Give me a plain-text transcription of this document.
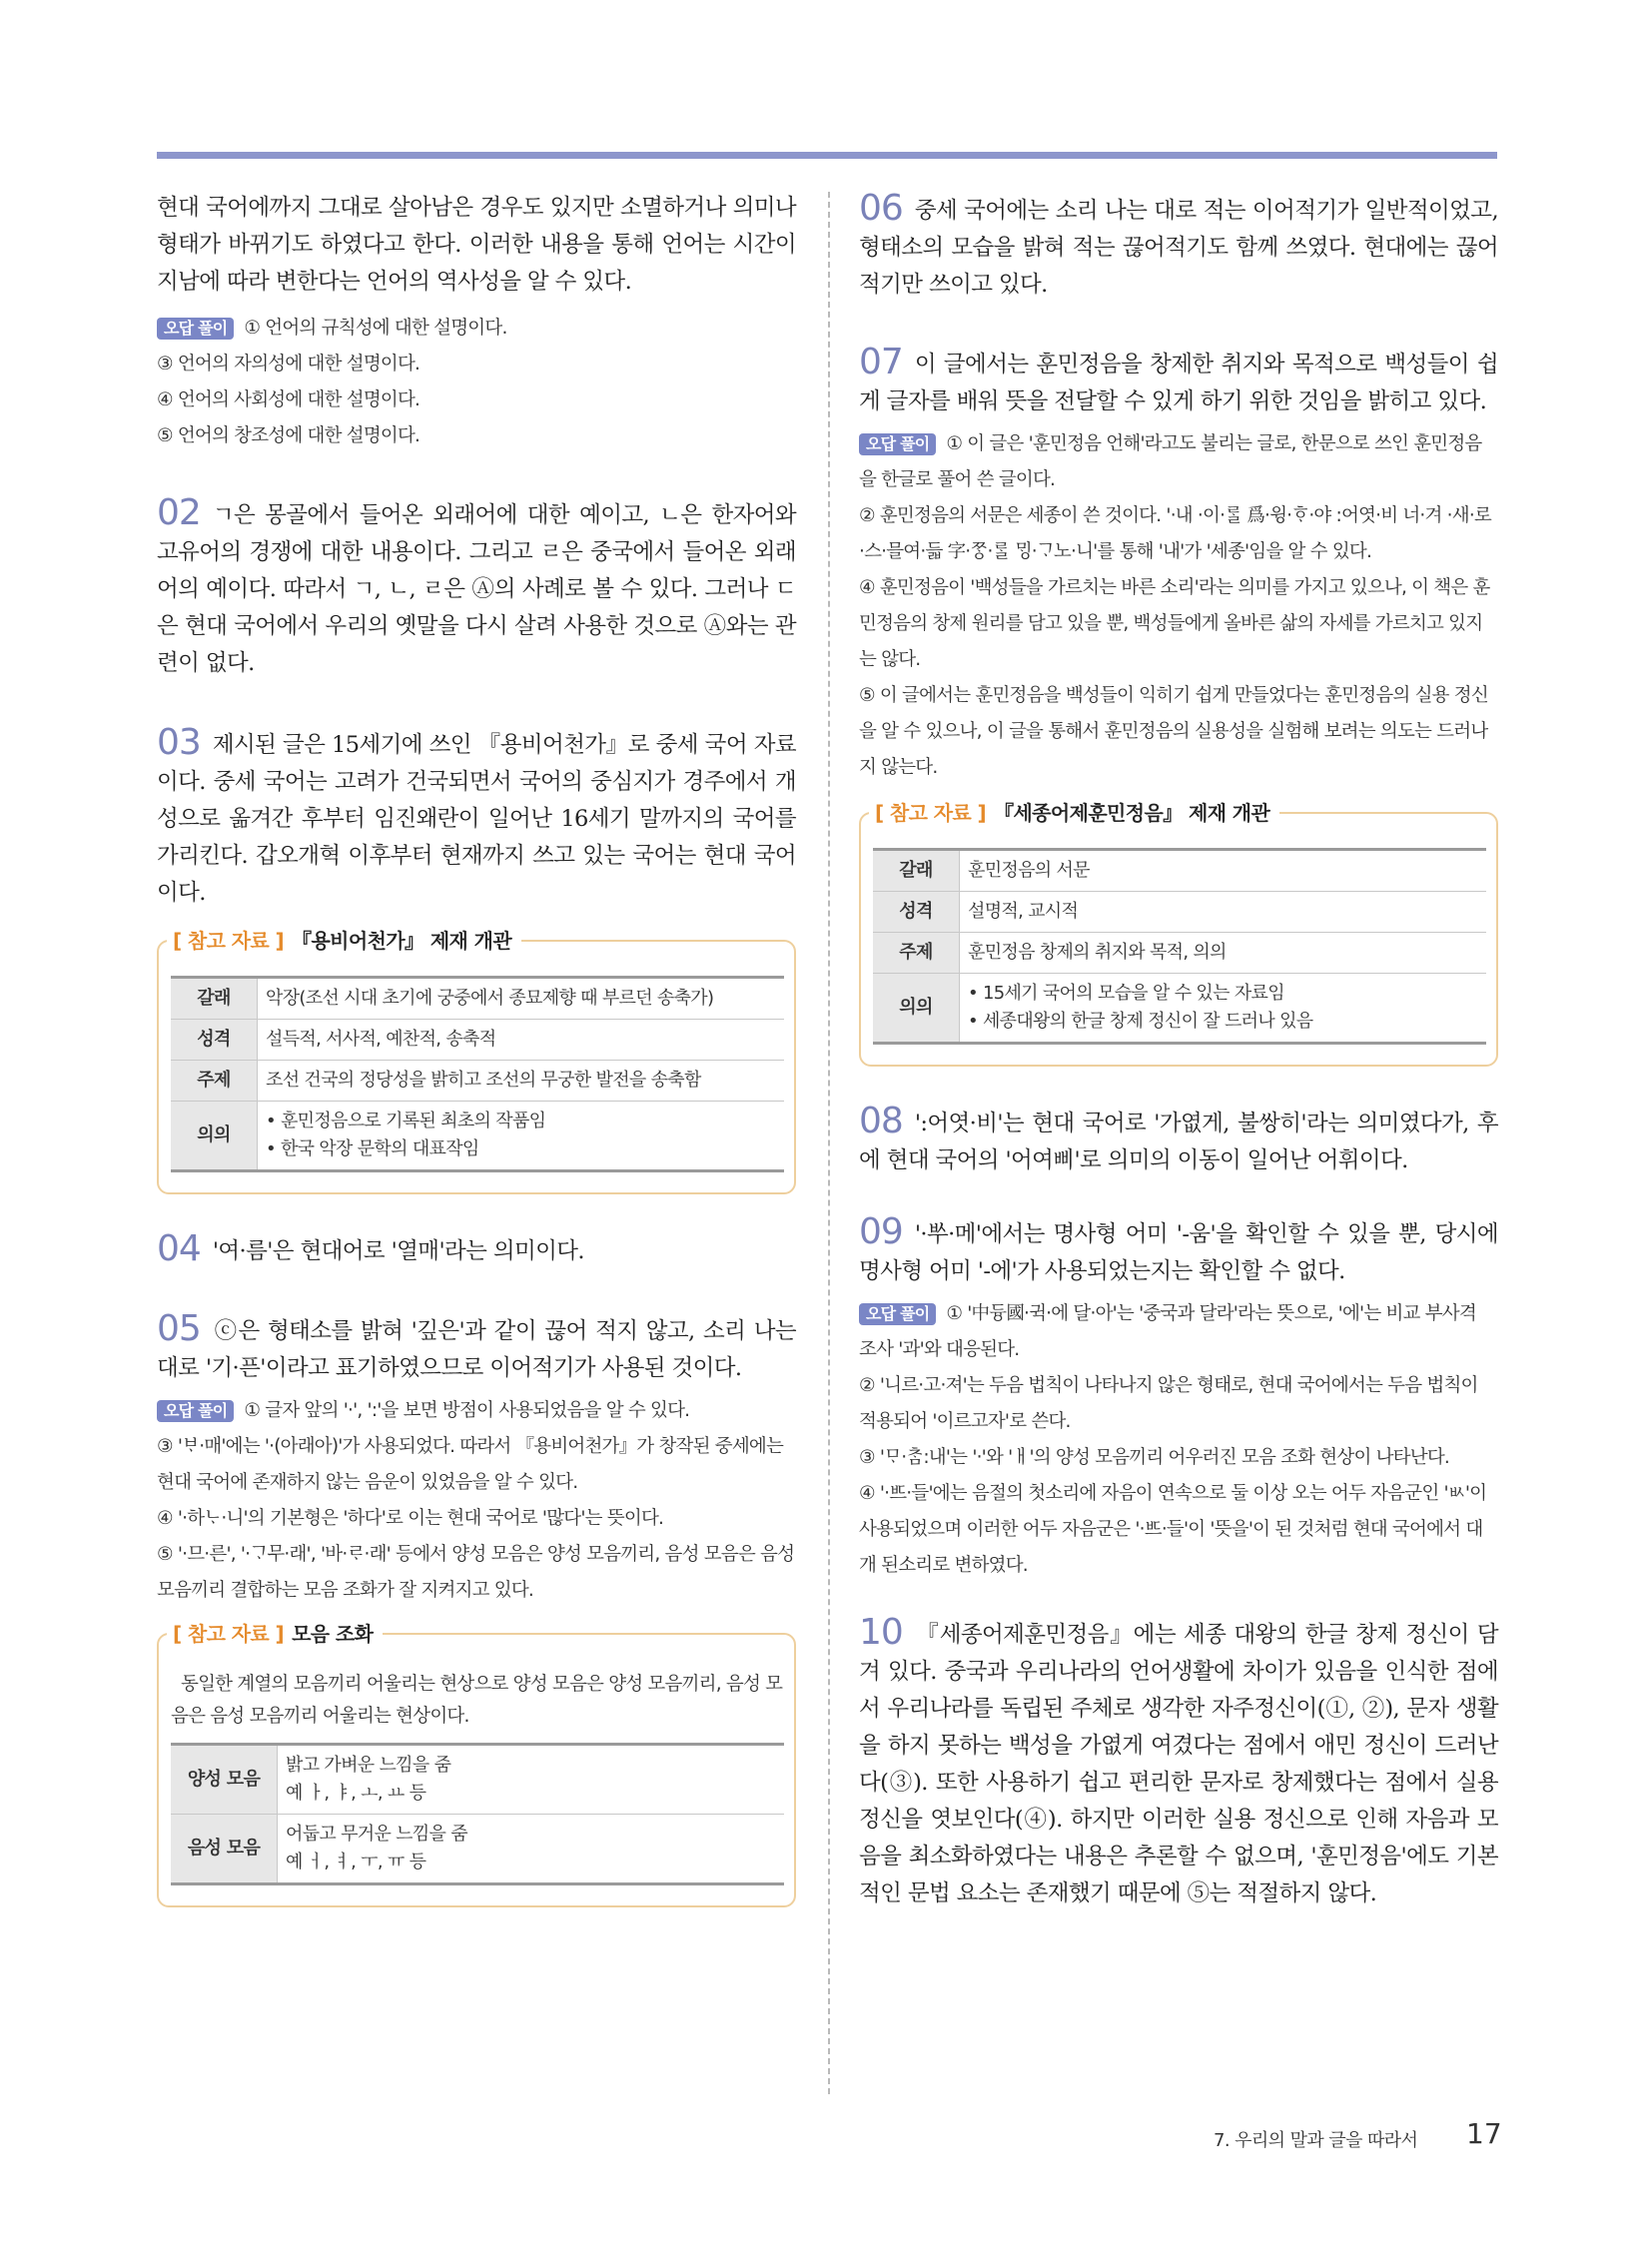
현대 국어에까지 그대로 살아남은 경우도 있지만 소멸하거나 의미나 형태가 바뀌기도 하였다고 한다. 이러한 내용을 통해 언어는 시간이 지남에 따라 변한다는 언어의 역사성을 알 수 있다.

오답 풀이 ① 언어의 규칙성에 대한 설명이다.

③ 언어의 자의성에 대한 설명이다.

④ 언어의 사회성에 대한 설명이다.

⑤ 언어의 창조성에 대한 설명이다.

02 ㄱ은 몽골에서 들어온 외래어에 대한 예이고, ㄴ은 한자어와 고유어의 경쟁에 대한 내용이다. 그리고 ㄹ은 중국에서 들어온 외래어의 예이다. 따라서 ㄱ, ㄴ, ㄹ은 Ⓐ의 사례로 볼 수 있다. 그러나 ㄷ은 현대 국어에서 우리의 옛말을 다시 살려 사용한 것으로 Ⓐ와는 관련이 없다.

03 제시된 글은 15세기에 쓰인 『용비어천가』로 중세 국어 자료이다. 중세 국어는 고려가 건국되면서 국어의 중심지가 경주에서 개성으로 옮겨간 후부터 임진왜란이 일어난 16세기 말까지의 국어를 가리킨다. 갑오개혁 이후부터 현재까지 쓰고 있는 국어는 현대 국어이다.

[ 참고 자료 ] 『용비어천가』 제재 개관
갈래	악장(조선 시대 초기에 궁중에서 종묘제향 때 부르던 송축가)
성격	설득적, 서사적, 예찬적, 송축적
주제	조선 건국의 정당성을 밝히고 조선의 무궁한 발전을 송축함
의의	• 훈민정음으로 기록된 최초의 작품임
• 한국 악장 문학의 대표작임

04 '여·름'은 현대어로 '열매'라는 의미이다.

05 ⓒ은 형태소를 밝혀 '깊은'과 같이 끊어 적지 않고, 소리 나는 대로 '기·픈'이라고 표기하였으므로 이어적기가 사용된 것이다.

오답 풀이 ① 글자 앞의 '·', ':'을 보면 방점이 사용되었음을 알 수 있다.

③ 'ᄇᆞ·매'에는 '·(아래아)'가 사용되었다. 따라서 『용비어천가』가 창작된 중세에는 현대 국어에 존재하지 않는 음운이 있었음을 알 수 있다.

④ '·하ᄂᆞ·니'의 기본형은 '하다'로 이는 현대 국어로 '많다'는 뜻이다.

⑤ '·므·른', '·ᄀᆞ무·래', '바·ᄅᆞ·래' 등에서 양성 모음은 양성 모음끼리, 음성 모음은 음성 모음끼리 결합하는 모음 조화가 잘 지켜지고 있다.

[ 참고 자료 ] 모음 조화

동일한 계열의 모음끼리 어울리는 현상으로 양성 모음은 양성 모음끼리, 음성 모음은 음성 모음끼리 어울리는 현상이다.

양성 모음	밝고 가벼운 느낌을 줌
예 ㅏ, ㅑ, ㅗ, ㅛ 등

음성 모음	어둡고 무거운 느낌을 줌
예 ㅓ, ㅕ, ㅜ, ㅠ 등

06 중세 국어에는 소리 나는 대로 적는 이어적기가 일반적이었고, 형태소의 모습을 밝혀 적는 끊어적기도 함께 쓰였다. 현대에는 끊어적기만 쓰이고 있다.

07 이 글에서는 훈민정음을 창제한 취지와 목적으로 백성들이 쉽게 글자를 배워 뜻을 전달할 수 있게 하기 위한 것임을 밝히고 있다.

오답 풀이 ① 이 글은 '훈민정음 언해'라고도 불리는 글로, 한문으로 쓰인 훈민정음을 한글로 풀어 쓴 글이다.

② 훈민정음의 서문은 세종이 쓴 것이다. '·내 ·이·ᄅᆞᆯ 爲·윙·ᄒᆞ·야 :어엿·비 너·겨 ·새·로 ·스·믈여·듧 字·ᄍᆞᆼ·ᄅᆞᆯ ᄆᆡᆼ·ᄀᆞ노·니'를 통해 '내'가 '세종'임을 알 수 있다.

④ 훈민정음이 '백성들을 가르치는 바른 소리'라는 의미를 가지고 있으나, 이 책은 훈민정음의 창제 원리를 담고 있을 뿐, 백성들에게 올바른 삶의 자세를 가르치고 있지는 않다.

⑤ 이 글에서는 훈민정음을 백성들이 익히기 쉽게 만들었다는 훈민정음의 실용 정신을 알 수 있으나, 이 글을 통해서 훈민정음의 실용성을 실험해 보려는 의도는 드러나지 않는다.

[ 참고 자료 ] 『세종어제훈민정음』 제재 개관
갈래	훈민정음의 서문
성격	설명적, 교시적
주제	훈민정음 창제의 취지와 목적, 의의
의의	• 15세기 국어의 모습을 알 수 있는 자료임
• 세종대왕의 한글 창제 정신이 잘 드러나 있음

08 ':어엿·비'는 현대 국어로 '가엾게, 불쌍히'라는 의미였다가, 후에 현대 국어의 '어여삐'로 의미의 이동이 일어난 어휘이다.

09 '·ᄡᅮ·메'에서는 명사형 어미 '-움'을 확인할 수 있을 뿐, 당시에 명사형 어미 '-에'가 사용되었는지는 확인할 수 없다.

오답 풀이 ① '中듕國·귁·에 달·아'는 '중국과 달라'라는 뜻으로, '에'는 비교 부사격 조사 '과'와 대응된다.

② '니르·고·져'는 두음 법칙이 나타나지 않은 형태로, 현대 국어에서는 두음 법칙이 적용되어 '이르고자'로 쓴다.

③ 'ᄆᆞ·ᄎᆞᆷ:내'는 '·'와 'ㅐ'의 양성 모음끼리 어우러진 모음 조화 현상이 나타난다.

④ '·ᄠᅳ·들'에는 음절의 첫소리에 자음이 연속으로 둘 이상 오는 어두 자음군인 'ㅄ'이 사용되었으며 이러한 어두 자음군은 '·ᄠᅳ·들'이 '뜻을'이 된 것처럼 현대 국어에서 대개 된소리로 변하였다.

10 『세종어제훈민정음』에는 세종 대왕의 한글 창제 정신이 담겨 있다. 중국과 우리나라의 언어생활에 차이가 있음을 인식한 점에서 우리나라를 독립된 주체로 생각한 자주정신이(①, ②), 문자 생활을 하지 못하는 백성을 가엾게 여겼다는 점에서 애민 정신이 드러난다(③). 또한 사용하기 쉽고 편리한 문자로 창제했다는 점에서 실용 정신을 엿보인다(④). 하지만 이러한 실용 정신으로 인해 자음과 모음을 최소화하였다는 내용은 추론할 수 없으며, '훈민정음'에도 기본적인 문법 요소는 존재했기 때문에 ⑤는 적절하지 않다.

7. 우리의 말과 글을 따라서 17
